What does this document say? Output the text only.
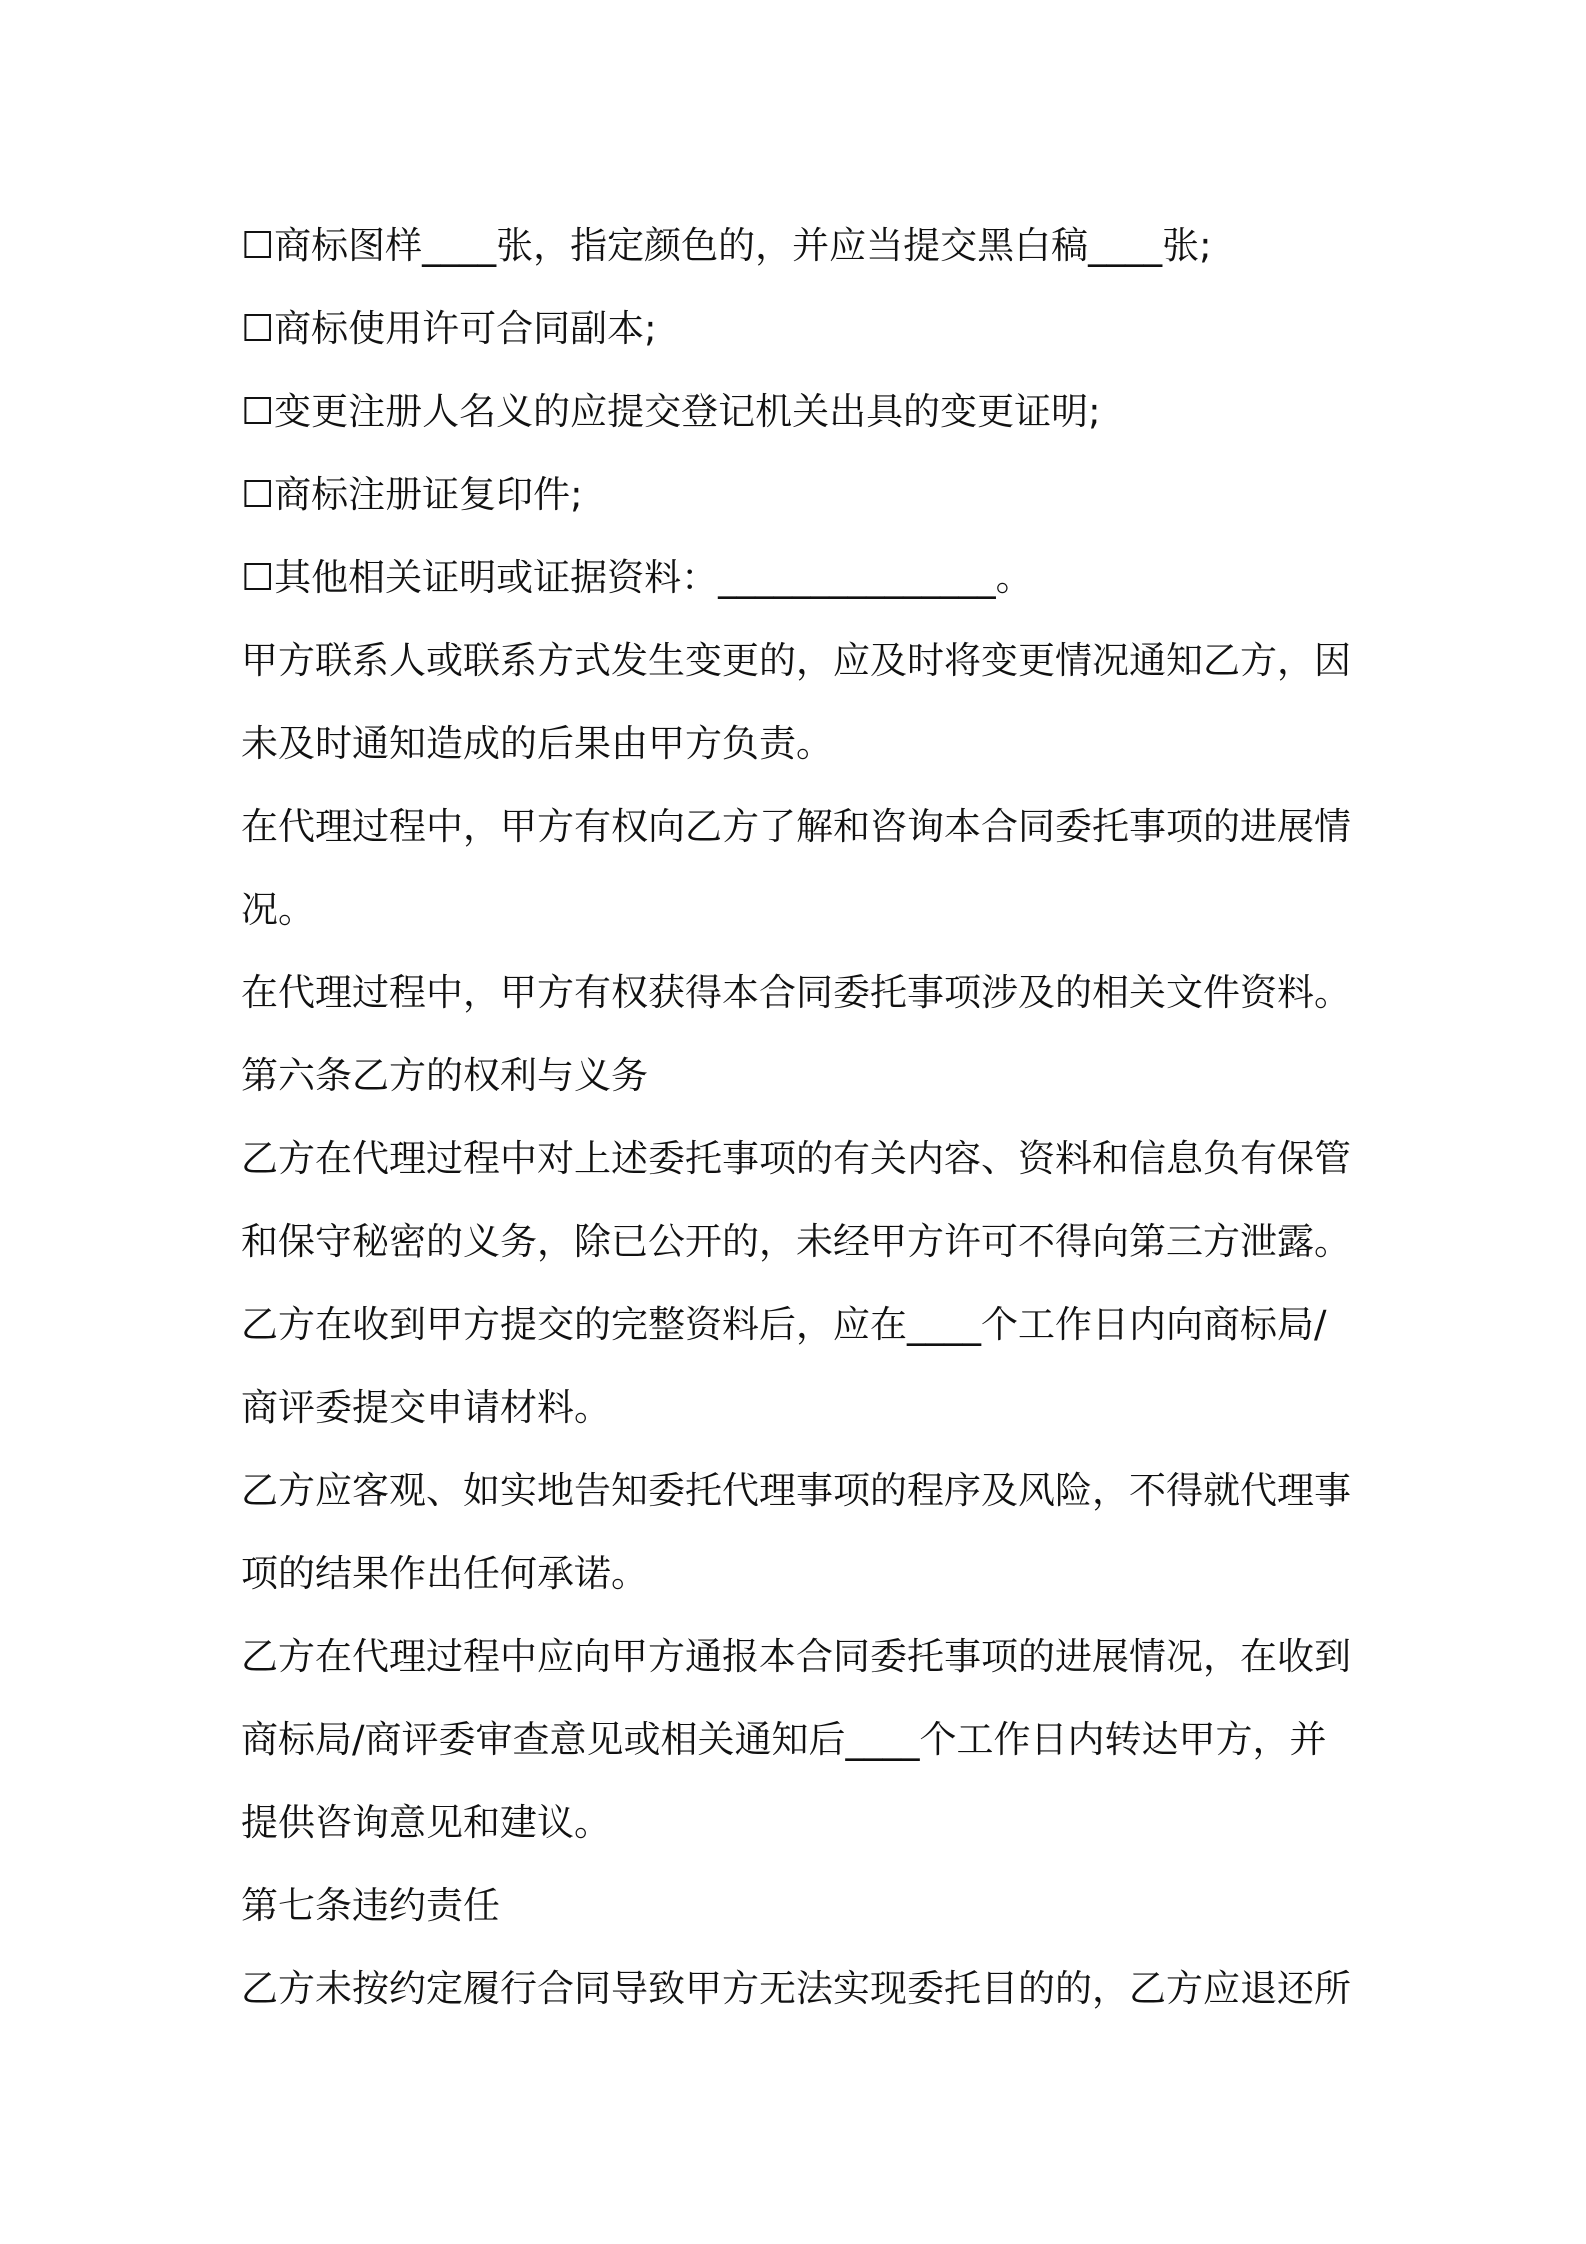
☐商标图样____张，指定颜色的，并应当提交黑白稿____张;
☐商标使用许可合同副本;
☐变更注册人名义的应提交登记机关出具的变更证明;
☐商标注册证复印件;
☐其他相关证明或证据资料：_______________。
甲方联系人或联系方式发生变更的，应及时将变更情况通知乙方，因
未及时通知造成的后果由甲方负责。
在代理过程中，甲方有权向乙方了解和咨询本合同委托事项的进展情
况。
在代理过程中，甲方有权获得本合同委托事项涉及的相关文件资料。
第六条乙方的权利与义务
乙方在代理过程中对上述委托事项的有关内容、资料和信息负有保管
和保守秘密的义务，除已公开的，未经甲方许可不得向第三方泄露。
乙方在收到甲方提交的完整资料后，应在____个工作日内向商标局/
商评委提交申请材料。
乙方应客观、如实地告知委托代理事项的程序及风险，不得就代理事
项的结果作出任何承诺。
乙方在代理过程中应向甲方通报本合同委托事项的进展情况，在收到
商标局/商评委审查意见或相关通知后____个工作日内转达甲方，并
提供咨询意见和建议。
第七条违约责任
乙方未按约定履行合同导致甲方无法实现委托目的的，乙方应退还所
